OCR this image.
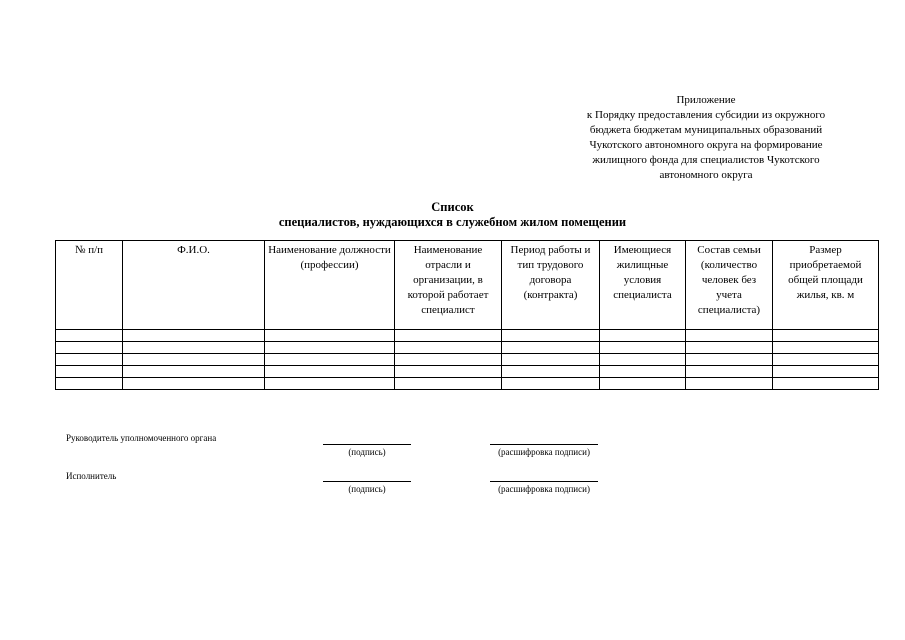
Приложение
к Порядку предоставления субсидии из окружного
бюджета бюджетам муниципальных образований
Чукотского автономного округа на формирование
жилищного фонда для специалистов Чукотского
автономного округа
Список
специалистов, нуждающихся в служебном жилом помещении
№ п/п	Ф.И.О.	Наименование должности (профессии)	Наименование отрасли и организации, в которой работает специалист	Период работы и тип трудового договора (контракта)	Имеющиеся жилищные условия специалиста	Состав семьи (количество человек без учета специалиста)	Размер приобретаемой общей площади жилья, кв. м

Руководитель уполномоченного органа
(подпись)	(расшифровка подписи)
Исполнитель
(подпись)	(расшифровка подписи)
